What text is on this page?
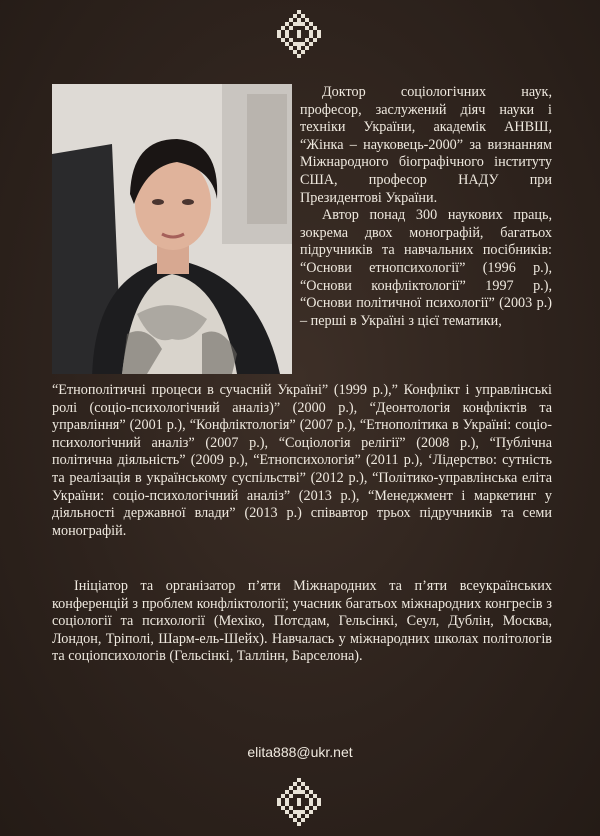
Доктор соціологічних наук, професор, заслужений діяч науки і техніки України, академік АНВШ, “Жінка – науковець-2000” за визнанням Міжнародного біографічного інституту США, професор НАДУ при Президентові України.

Автор понад 300 наукових праць, зокрема двох монографій, багатьох підручників та навчальних посібників: “Основи етнопсихології” (1996 р.), “Основи конфліктології” 1997 р.), “Основи політичної психології” (2003 р.) – перші в Україні з цієї тематики,

“Етнополітичні процеси в сучасній Україні” (1999 р.),” Конфлікт і управлінські ролі (соціо-психологічний аналіз)” (2000 р.), “Деонтологія конфліктів та управління” (2001 р.), “Конфліктологія” (2007 р.), “Етнополітика в Україні: соціо-психологічний аналіз” (2007 р.), “Соціологія релігії” (2008 р.), “Публічна політична діяльність” (2009 р.), “Етнопсихологія” (2011 р.), ‘Лідерство: сутність та реалізація в українському суспільстві” (2012 р.), “Політико-управлінська еліта України: соціо-психологічний аналіз” (2013 р.), “Менеджмент і маркетинг у діяльності державної влади” (2013 р.) співавтор трьох підручників та семи монографій.

Ініціатор та організатор п’яти Міжнародних та п’яти всеукраїнських конференцій з проблем конфліктології; учасник багатьох міжнародних конгресів з соціології та психології (Мехіко, Потсдам, Гельсінкі, Сеул, Дублін, Москва, Лондон, Тріполі, Шарм-ель-Шейх). Навчалась у міжнародних школах політологів та соціопсихологів (Гельсінкі, Таллінн, Барселона).

elita888@ukr.net
